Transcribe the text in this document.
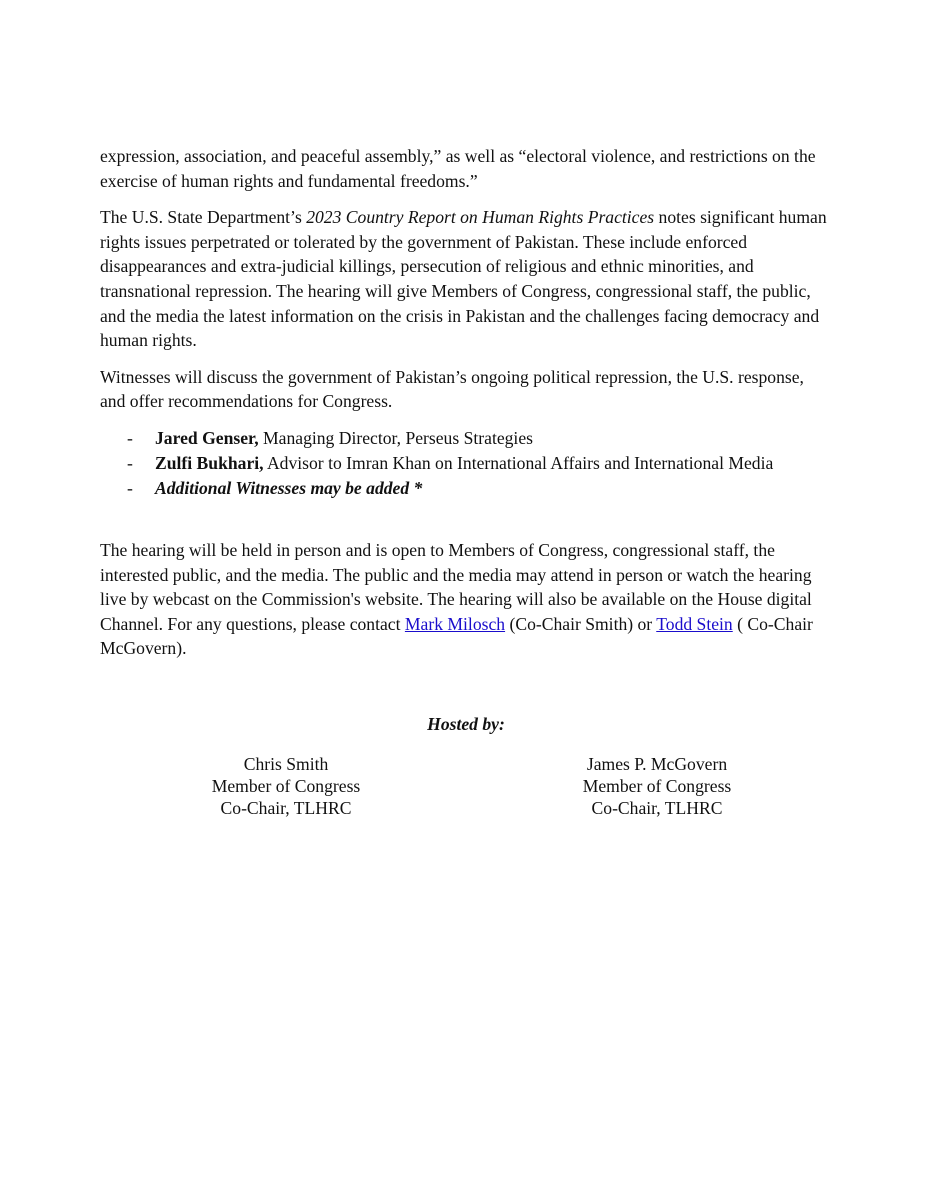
expression, association, and peaceful assembly,” as well as “electoral violence, and restrictions on the exercise of human rights and fundamental freedoms.”

The U.S. State Department’s 2023 Country Report on Human Rights Practices notes significant human rights issues perpetrated or tolerated by the government of Pakistan. These include enforced disappearances and extra-judicial killings, persecution of religious and ethnic minorities, and transnational repression. The hearing will give Members of Congress, congressional staff, the public, and the media the latest information on the crisis in Pakistan and the challenges facing democracy and human rights.

Witnesses will discuss the government of Pakistan’s ongoing political repression, the U.S. response, and offer recommendations for Congress.

- Jared Genser, Managing Director, Perseus Strategies
- Zulfi Bukhari, Advisor to Imran Khan on International Affairs and International Media
- Additional Witnesses may be added *

The hearing will be held in person and is open to Members of Congress, congressional staff, the interested public, and the media. The public and the media may attend in person or watch the hearing live by webcast on the Commission's website. The hearing will also be available on the House digital Channel. For any questions, please contact Mark Milosch (Co-Chair Smith) or Todd Stein ( Co-Chair McGovern).

Hosted by:
Chris Smith
Member of Congress
Co-Chair, TLHRC
James P. McGovern
Member of Congress
Co-Chair, TLHRC
